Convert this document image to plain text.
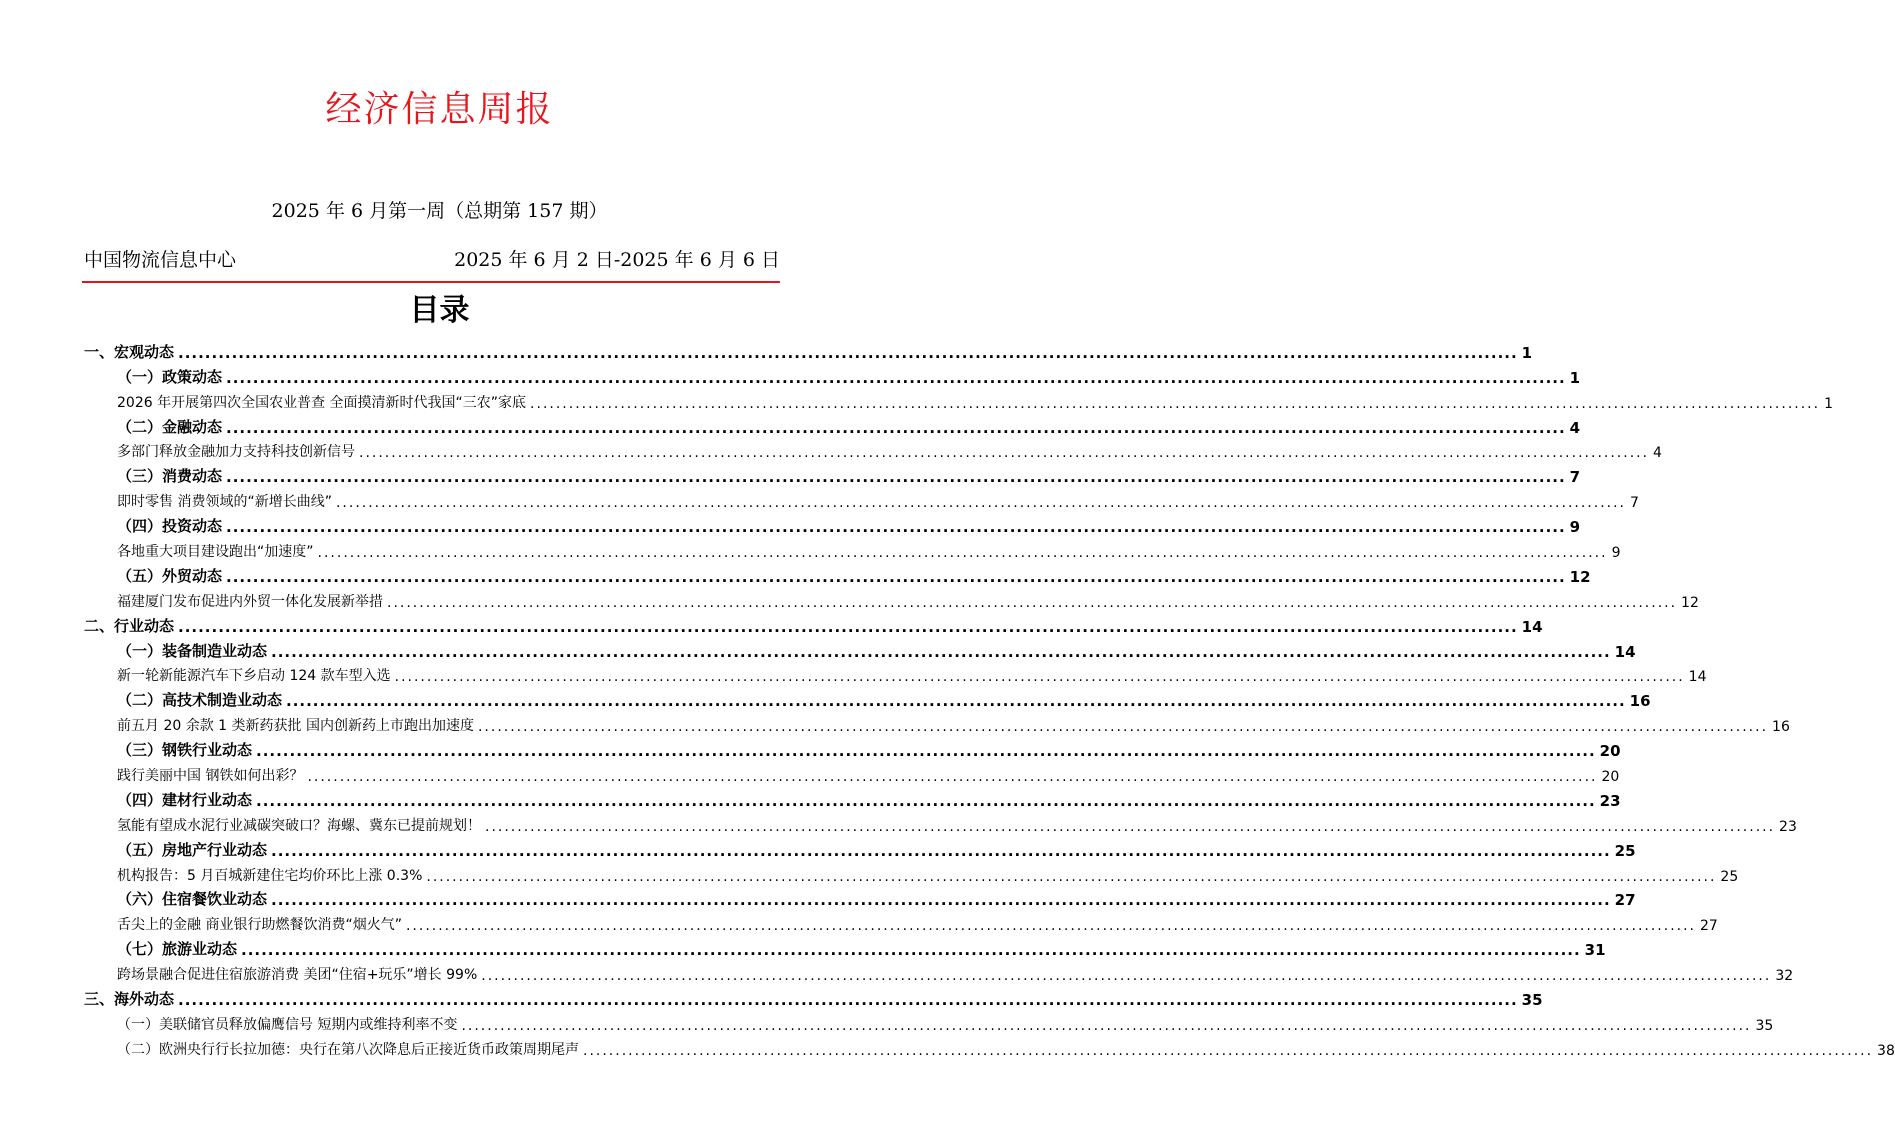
经济信息周报
2025 年 6 月第一周（总期第 157 期）
中国物流信息中心	2025 年 6 月 2 日-2025 年 6 月 6 日
目录
一、宏观动态 ........................................................................................................................................................................................................ 1
（一）政策动态 ........................................................................................................................................................................................................ 1
2026 年开展第四次全国农业普查 全面摸清新时代我国“三农”家底 ........................................................................................................................................................................................................ 1
（二）金融动态 ........................................................................................................................................................................................................ 4
多部门释放金融加力支持科技创新信号 ........................................................................................................................................................................................................ 4
（三）消费动态 ........................................................................................................................................................................................................ 7
即时零售 消费领域的“新增长曲线” ........................................................................................................................................................................................................ 7
（四）投资动态 ........................................................................................................................................................................................................ 9
各地重大项目建设跑出“加速度” ........................................................................................................................................................................................................ 9
（五）外贸动态 ........................................................................................................................................................................................................ 12
福建厦门发布促进内外贸一体化发展新举措 ........................................................................................................................................................................................................ 12
二、行业动态 ........................................................................................................................................................................................................ 14
（一）装备制造业动态 ........................................................................................................................................................................................................ 14
新一轮新能源汽车下乡启动 124 款车型入选 ........................................................................................................................................................................................................ 14
（二）高技术制造业动态 ........................................................................................................................................................................................................ 16
前五月 20 余款 1 类新药获批 国内创新药上市跑出加速度 ........................................................................................................................................................................................................ 16
（三）钢铁行业动态 ........................................................................................................................................................................................................ 20
践行美丽中国 钢铁如何出彩？ ........................................................................................................................................................................................................ 20
（四）建材行业动态 ........................................................................................................................................................................................................ 23
氢能有望成水泥行业减碳突破口？海螺、冀东已提前规划！ ........................................................................................................................................................................................................ 23
（五）房地产行业动态 ........................................................................................................................................................................................................ 25
机构报告：5 月百城新建住宅均价环比上涨 0.3% ........................................................................................................................................................................................................ 25
（六）住宿餐饮业动态 ........................................................................................................................................................................................................ 27
舌尖上的金融 商业银行助燃餐饮消费“烟火气” ........................................................................................................................................................................................................ 27
（七）旅游业动态 ........................................................................................................................................................................................................ 31
跨场景融合促进住宿旅游消费 美团“住宿+玩乐”增长 99% ........................................................................................................................................................................................................ 32
三、海外动态 ........................................................................................................................................................................................................ 35
（一）美联储官员释放偏鹰信号 短期内或维持利率不变 ........................................................................................................................................................................................................ 35
（二）欧洲央行行长拉加德：央行在第八次降息后正接近货币政策周期尾声 ........................................................................................................................................................................................................ 38
